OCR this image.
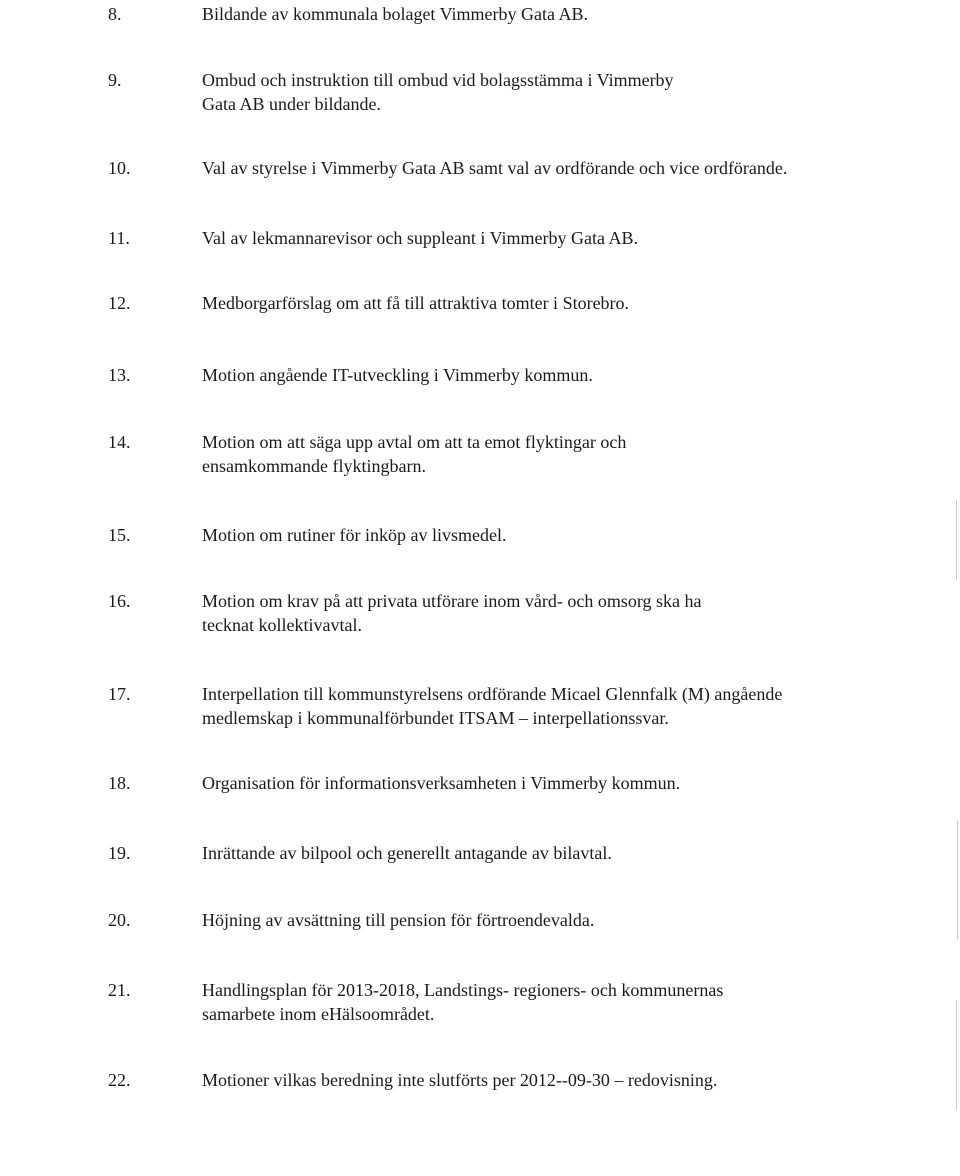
8.	Bildande av kommunala bolaget Vimmerby Gata AB.
9.	Ombud och instruktion till ombud vid bolagsstämma i Vimmerby
Gata AB under bildande.
10.	Val av styrelse i Vimmerby Gata AB samt val av ordförande och vice ordförande.
11.	Val av lekmannarevisor och suppleant i Vimmerby Gata AB.
12.	Medborgarförslag om att få till attraktiva tomter i Storebro.
13.	Motion angående IT-utveckling i Vimmerby kommun.
14.	Motion om att säga upp avtal om att ta emot flyktingar och
ensamkommande flyktingbarn.
15.	Motion om rutiner för inköp av livsmedel.
16.	Motion om krav på att privata utförare inom vård- och omsorg ska ha
tecknat kollektivavtal.
17.	Interpellation till kommunstyrelsens ordförande Micael Glennfalk (M) angående
medlemskap i kommunalförbundet ITSAM – interpellationssvar.
18.	Organisation för informationsverksamheten i Vimmerby kommun.
19.	Inrättande av bilpool och generellt antagande av bilavtal.
20.	Höjning av avsättning till pension för förtroendevalda.
21.	Handlingsplan för 2013-2018, Landstings- regioners- och kommunernas
samarbete inom eHälsoområdet.
22.	Motioner vilkas beredning inte slutförts per 2012--09-30 – redovisning.
